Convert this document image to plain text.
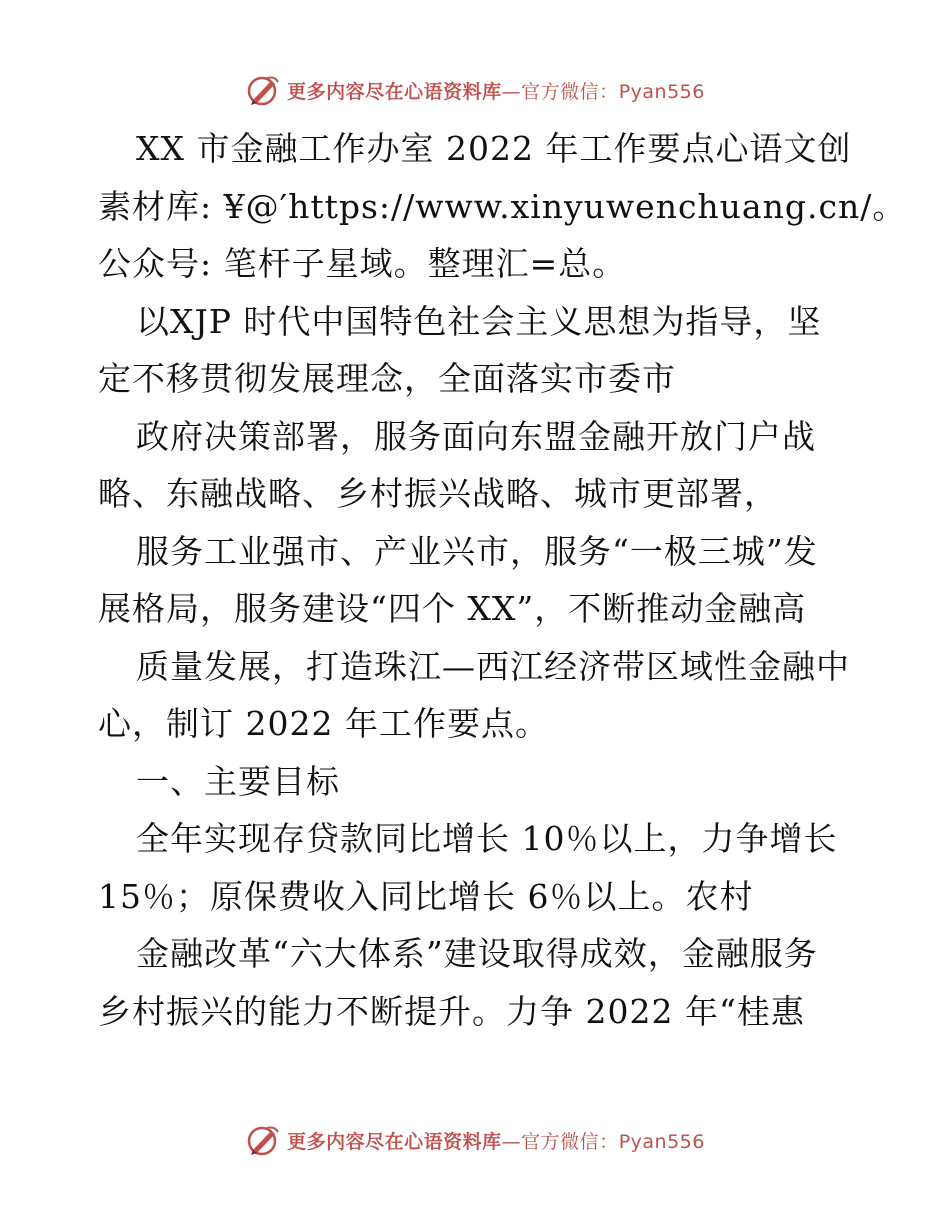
更多内容尽在心语资料库—官方微信：Pyan556
XX 市金融工作办室 2022 年工作要点心语文创
素材库: ¥@′https://www.xinyuwenchuang.cn/。
公众号: 笔杆子星域。整理汇=总。
以XJP 时代中国特色社会主义思想为指导，坚
定不移贯彻发展理念，全面落实市委市
政府决策部署，服务面向东盟金融开放门户战
略、东融战略、乡村振兴战略、城市更部署，
服务工业强市、产业兴市，服务“一极三城”发
展格局，服务建设“四个 XX”，不断推动金融高
质量发展，打造珠江—西江经济带区域性金融中
心，制订 2022 年工作要点。
一、主要目标
全年实现存贷款同比增长 10％以上，力争增长
15％；原保费收入同比增长 6％以上。农村
金融改革“六大体系”建设取得成效，金融服务
乡村振兴的能力不断提升。力争 2022 年“桂惠
更多内容尽在心语资料库—官方微信：Pyan556
